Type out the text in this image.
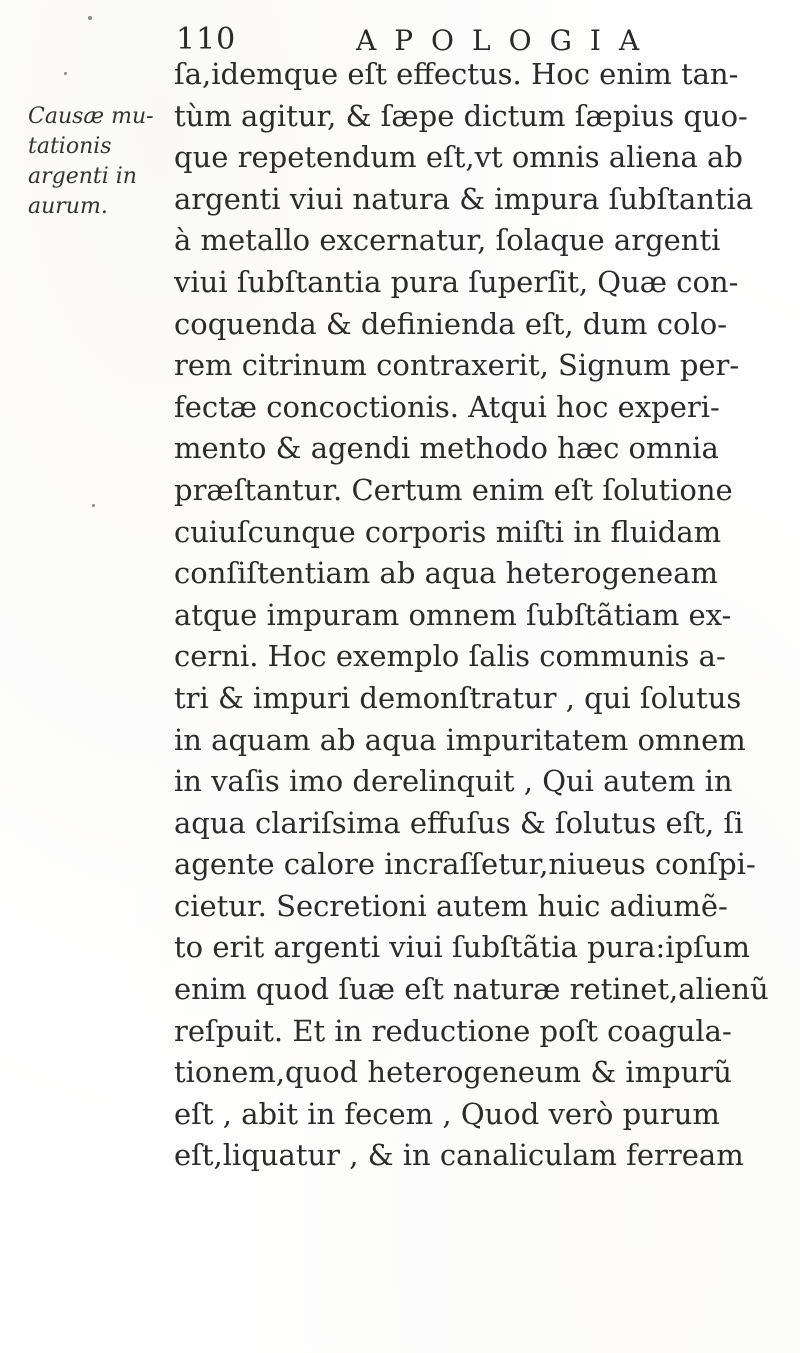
110	APOLOGIA
Causæ mu-
tationis
argenti in
aurum.
ſa,idemque eſt effectus. Hoc enim tan-
tùm agitur, & ſæpe dictum ſæpius quo-
que repetendum eſt,vt omnis aliena ab
argenti viui natura & impura ſubſtantia
à metallo excernatur, ſolaque argenti
viui ſubſtantia pura ſuperſit, Quæ con-
coquenda & definienda eſt, dum colo-
rem citrinum contraxerit, Signum per-
fectæ concoctionis. Atqui hoc experi-
mento & agendi methodo hæc omnia
præſtantur. Certum enim eſt ſolutione
cuiuſcunque corporis miſti in fluidam
conſiſtentiam ab aqua heterogeneam
atque impuram omnem ſubſtãtiam ex-
cerni. Hoc exemplo ſalis communis a-
tri & impuri demonſtratur , qui ſolutus
in aquam ab aqua impuritatem omnem
in vaſis imo derelinquit , Qui autem in
aqua clariſsima effuſus & ſolutus eſt, ſi
agente calore incraſſetur,niueus conſpi-
cietur. Secretioni autem huic adiumẽ-
to erit argenti viui ſubſtãtia pura:ipſum
enim quod ſuæ eſt naturæ retinet,alienũ
reſpuit. Et in reductione poſt coagula-
tionem,quod heterogeneum & impurũ
eſt , abit in fecem , Quod verò purum
eſt,liquatur , & in canaliculam ferream
